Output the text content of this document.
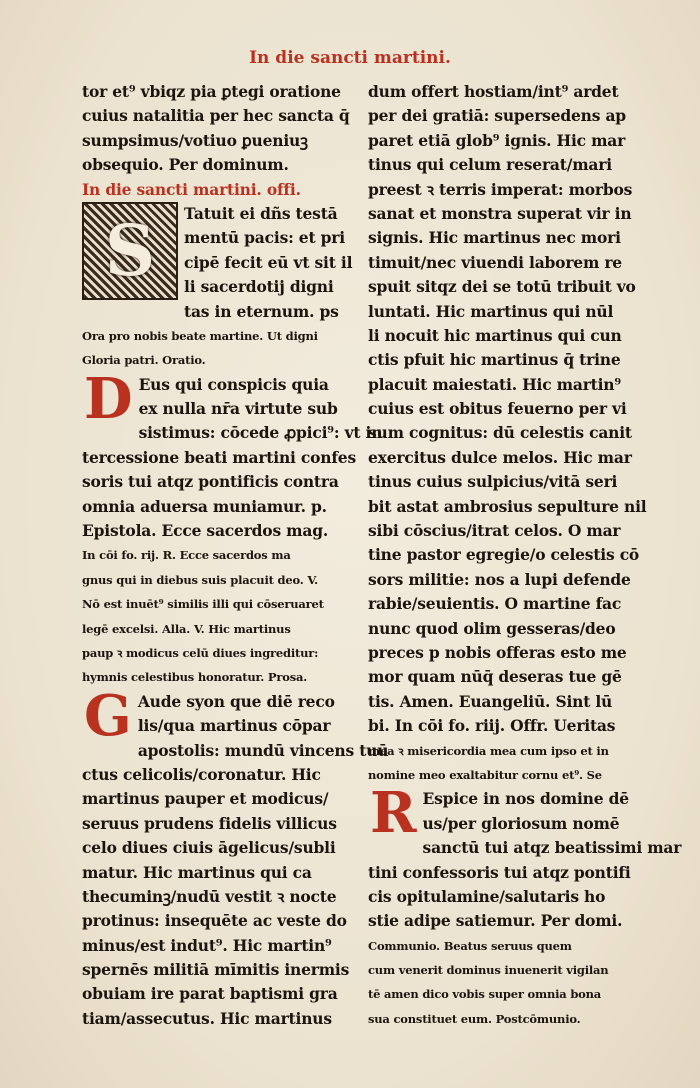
In die sancti martini.
tor et⁹ vbiqz pia ꝑtegi oratione
cuius natalitia per hec sancta q̄
sumpsimus/votiuo ꝑueniuꝫ
obsequio. Per dominum.
In die sancti martini. offi.
S	Tatuit ei dñs testā
mentū pacis: et pri
cipē fecit eū vt sit il
li sacerdotij digni
tas in eternum. ps
Ora pro nobis beate martine. Ut digni
Gloria patri. Oratio.
D Eus qui conspicis quia
ex nulla nr̄a virtute sub
sistimus: cōcede ꝓpici⁹: vt in
tercessione beati martini confes
soris tui atqz pontificis contra
omnia aduersa muniamur. p.
Epistola. Ecce sacerdos mag.
In cōi fo. rij. R. Ecce sacerdos ma
gnus qui in diebus suis placuit deo. V.
Nō est inuēt⁹ similis illi qui cōseruaret
legē excelsi. Alla. V. Hic martinus
paup ꝛ modicus celū diues ingreditur:
hymnis celestibus honoratur. Prosa.
G Aude syon que diē reco
lis/qua martinus cōpar
apostolis: mundū vincens tuū
ctus celicolis/coronatur. Hic
martinus pauper et modicus/
seruus prudens fidelis villicus
celo diues ciuis āgelicus/subli
matur. Hic martinus qui ca
thecuminꝫ/nudū vestit ꝛ nocte
protinus: insequēte ac veste do
minus/est indut⁹. Hic martin⁹
spernēs militiā mīmitis inermis
obuiam ire parat baptismi gra
tiam/assecutus. Hic martinus
dum offert hostiam/int⁹ ardet
per dei gratiā: supersedens ap
paret etiā glob⁹ ignis. Hic mar
tinus qui celum reserat/mari
preest ꝛ terris imperat: morbos
sanat et monstra superat vir in
signis. Hic martinus nec mori
timuit/nec viuendi laborem re
spuit sitqz dei se totū tribuit vo
luntati. Hic martinus qui nūl
li nocuit hic martinus qui cun
ctis pfuit hic martinus q̄ trine
placuit maiestati. Hic martin⁹
cuius est obitus feuerno per vi
sum cognitus: dū celestis canit
exercitus dulce melos. Hic mar
tinus cuius sulpicius/vitā seri
bit astat ambrosius sepulture nil
sibi cōscius/itrat celos. O mar
tine pastor egregie/o celestis cō
sors militie: nos a lupi defende
rabie/seuientis. O martine fac
nunc quod olim gesseras/deo
preces p nobis offeras esto me
mor quam nūq̄ deseras tue gē
tis. Amen. Euangeliū. Sint lū
bi. In cōi fo. riij. Offr. Ueritas
mea ꝛ misericordia mea cum ipso et in
nomine meo exaltabitur cornu et⁹. Se
R Espice in nos domine dē
us/per gloriosum nomē
sanctū tui atqz beatissimi mar
tini confessoris tui atqz pontifi
cis opitulamine/salutaris ho
stie adipe satiemur. Per domi.
Communio. Beatus seruus quem
cum venerit dominus inuenerit vigilan
tē amen dico vobis super omnia bona
sua constituet eum. Postcōmunio.
